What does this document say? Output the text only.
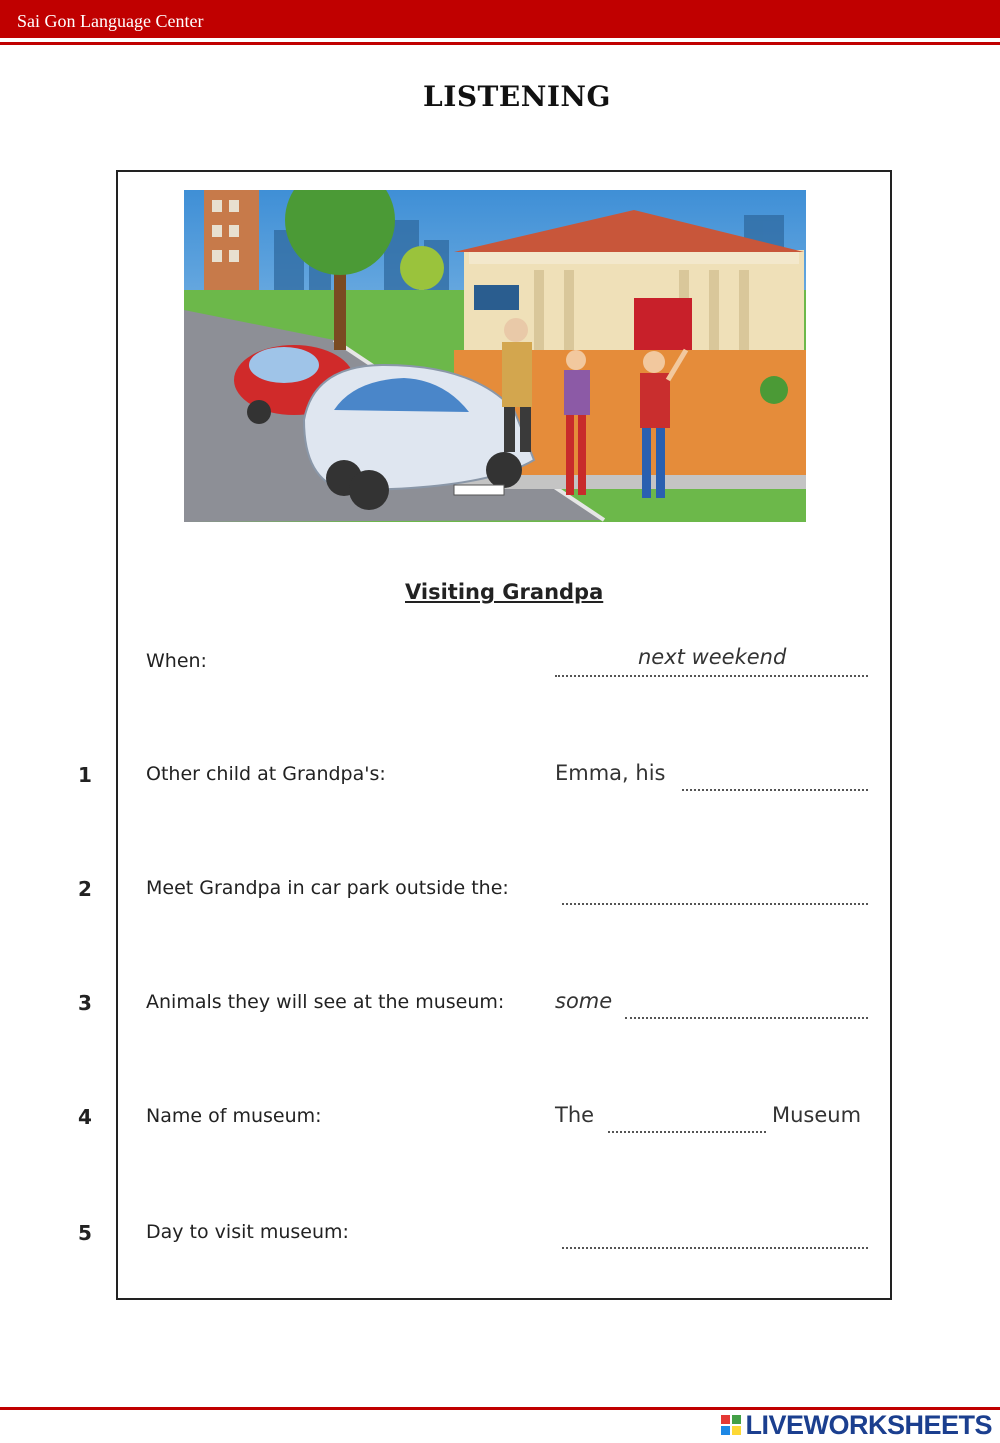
Sai Gon Language Center
LISTENING
Visiting Grandpa
When:	next weekend
1	Other child at Grandpa's:	Emma, his
2	Meet Grandpa in car park outside the:
3	Animals they will see at the museum: some
4	Name of museum:	The	Museum
5	Day to visit museum:
LIVEWORKSHEETS
